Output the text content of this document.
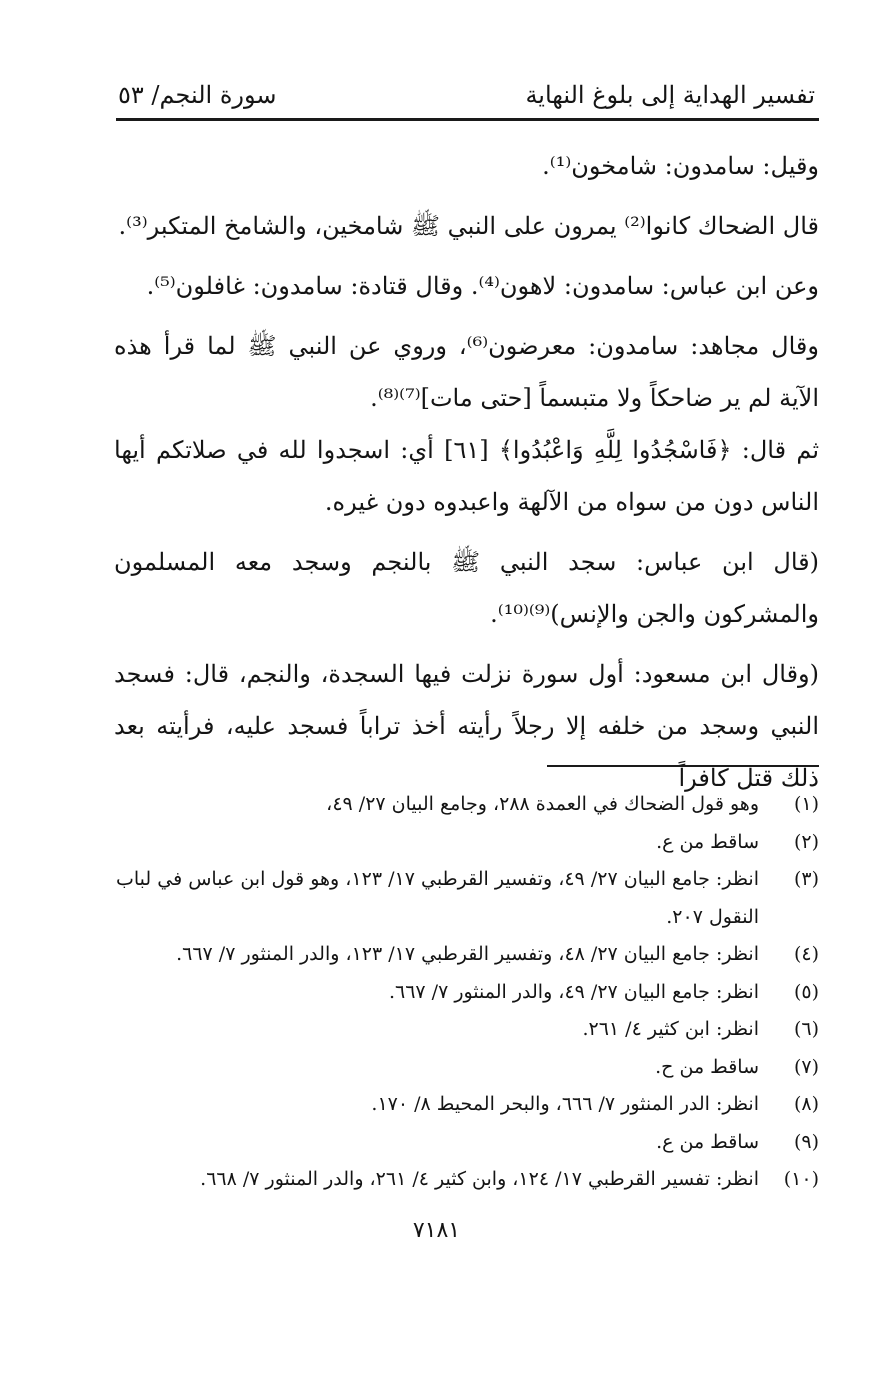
تفسير الهداية إلى بلوغ النهاية
سورة النجم/ ٥٣

وقيل: سامدون: شامخون⁽¹⁾.

قال الضحاك كانوا⁽²⁾ يمرون على النبي ﷺ شامخين، والشامخ المتكبر⁽³⁾.

وعن ابن عباس: سامدون: لاهون⁽⁴⁾. وقال قتادة: سامدون: غافلون⁽⁵⁾.

وقال مجاهد: سامدون: معرضون⁽⁶⁾، وروي عن النبي ﷺ لما قرأ هذه الآية لم ير ضاحكاً ولا متبسماً [حتى مات]⁽⁷⁾⁽⁸⁾.

ثم قال: ﴿فَاسْجُدُوا لِلَّهِ وَاعْبُدُوا﴾ [٦١] أي: اسجدوا لله في صلاتكم أيها الناس دون من سواه من الآلهة واعبدوه دون غيره.

(قال ابن عباس: سجد النبي ﷺ بالنجم وسجد معه المسلمون والمشركون والجن والإنس)⁽⁹⁾⁽¹⁰⁾.

(وقال ابن مسعود: أول سورة نزلت فيها السجدة، والنجم، قال: فسجد النبي وسجد من خلفه إلا رجلاً رأيته أخذ تراباً فسجد عليه، فرأيته بعد ذلك قتل كافراً

(١)
وهو قول الضحاك في العمدة ٢٨٨، وجامع البيان ٢٧/ ٤٩،
(٢)
ساقط من ع.
(٣)
انظر: جامع البيان ٢٧/ ٤٩، وتفسير القرطبي ١٧/ ١٢٣، وهو قول ابن عباس في لباب النقول ٢٠٧.
(٤)
انظر: جامع البيان ٢٧/ ٤٨، وتفسير القرطبي ١٧/ ١٢٣، والدر المنثور ٧/ ٦٦٧.
(٥)
انظر: جامع البيان ٢٧/ ٤٩، والدر المنثور ٧/ ٦٦٧.
(٦)
انظر: ابن كثير ٤/ ٢٦١.
(٧)
ساقط من ح.
(٨)
انظر: الدر المنثور ٧/ ٦٦٦، والبحر المحيط ٨/ ١٧٠.
(٩)
ساقط من ع.
(١٠)
انظر: تفسير القرطبي ١٧/ ١٢٤، وابن كثير ٤/ ٢٦١، والدر المنثور ٧/ ٦٦٨.
٧١٨١
